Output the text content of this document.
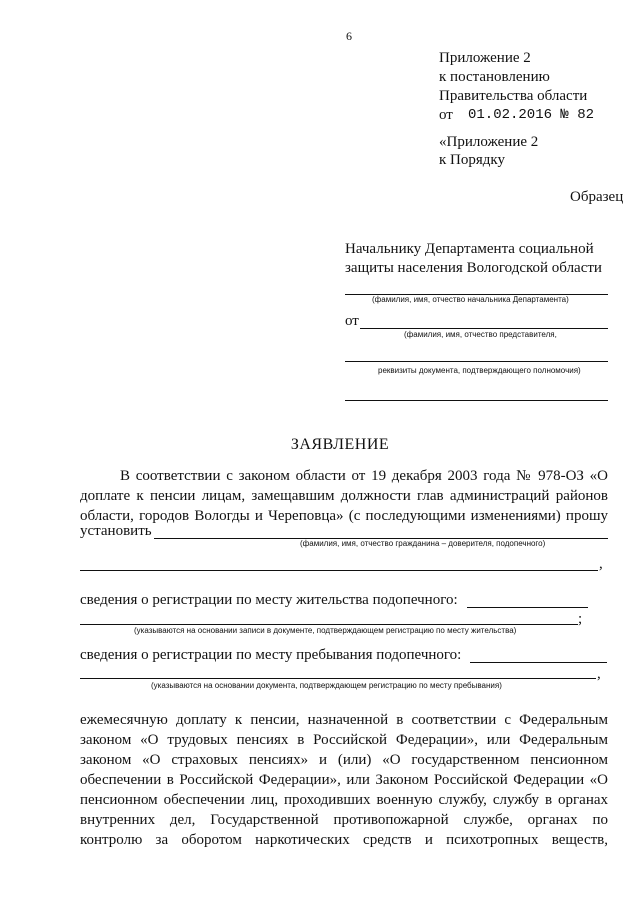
6
Приложение 2
к постановлению
Правительства области
от 01.02.2016 № 82
«Приложение 2
к Порядку
Образец
Начальнику Департамента социальной
защиты населения Вологодской области
(фамилия, имя, отчество начальника Департамента)
от
(фамилия, имя, отчество представителя,
реквизиты документа, подтверждающего полномочия)
ЗАЯВЛЕНИЕ
В соответствии с законом области от 19 декабря 2003 года № 978-ОЗ «О
доплате к пенсии лицам, замещавшим должности глав администраций районов
области, городов Вологды и Череповца» (с последующими изменениями) прошу
установить
(фамилия, имя, отчество гражданина – доверителя, подопечного)
,
сведения о регистрации по месту жительства подопечного:
;
(указываются на основании записи в документе, подтверждающем регистрацию по месту жительства)
сведения о регистрации по месту пребывания подопечного:
,
(указываются на основании документа, подтверждающем регистрацию по месту пребывания)
ежемесячную доплату к пенсии, назначенной в соответствии с Федеральным
законом «О трудовых пенсиях в Российской Федерации», или Федеральным
законом «О страховых пенсиях» и (или) «О государственном пенсионном
обеспечении в Российской Федерации», или Законом Российской Федерации «О
пенсионном обеспечении лиц, проходивших военную службу, службу в органах
внутренних дел, Государственной противопожарной службе, органах по
контролю за оборотом наркотических средств и психотропных веществ,
